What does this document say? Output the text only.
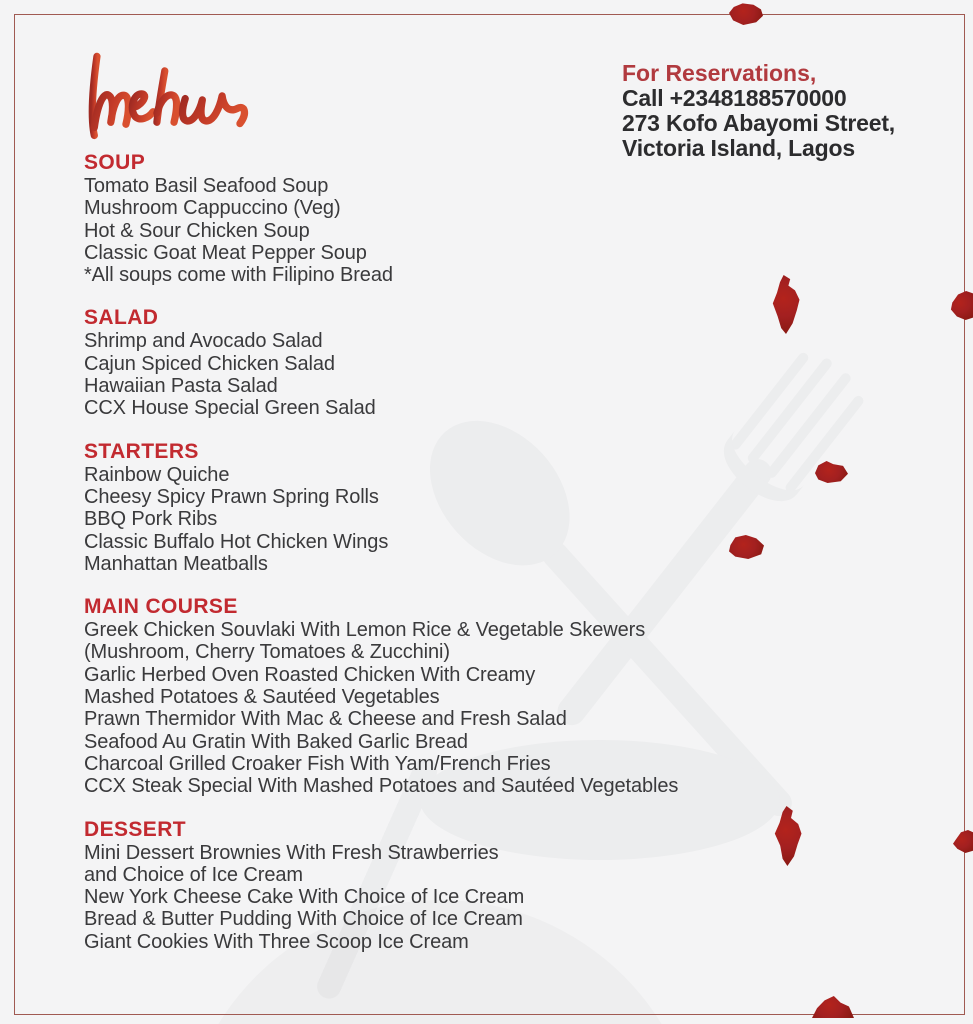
For Reservations,
Call +2348188570000
273 Kofo Abayomi Street,
Victoria Island, Lagos
SOUP
Tomato Basil Seafood Soup
Mushroom Cappuccino (Veg)
Hot & Sour Chicken Soup
Classic Goat Meat Pepper Soup
*All soups come with Filipino Bread
SALAD
Shrimp and Avocado Salad
Cajun Spiced Chicken Salad
Hawaiian Pasta Salad
CCX House Special Green Salad
STARTERS
Rainbow Quiche
Cheesy Spicy Prawn Spring Rolls
BBQ Pork Ribs
Classic Buffalo Hot Chicken Wings
Manhattan Meatballs
MAIN COURSE
Greek Chicken Souvlaki With Lemon Rice & Vegetable Skewers
(Mushroom, Cherry Tomatoes & Zucchini)
Garlic Herbed Oven Roasted Chicken With Creamy
Mashed Potatoes & Sautéed Vegetables
Prawn Thermidor With Mac & Cheese and Fresh Salad
Seafood Au Gratin With Baked Garlic Bread
Charcoal Grilled Croaker Fish With Yam/French Fries
CCX Steak Special With Mashed Potatoes and Sautéed Vegetables
DESSERT
Mini Dessert Brownies With Fresh Strawberries
and Choice of Ice Cream
New York Cheese Cake With Choice of Ice Cream
Bread & Butter Pudding With Choice of Ice Cream
Giant Cookies With Three Scoop Ice Cream
